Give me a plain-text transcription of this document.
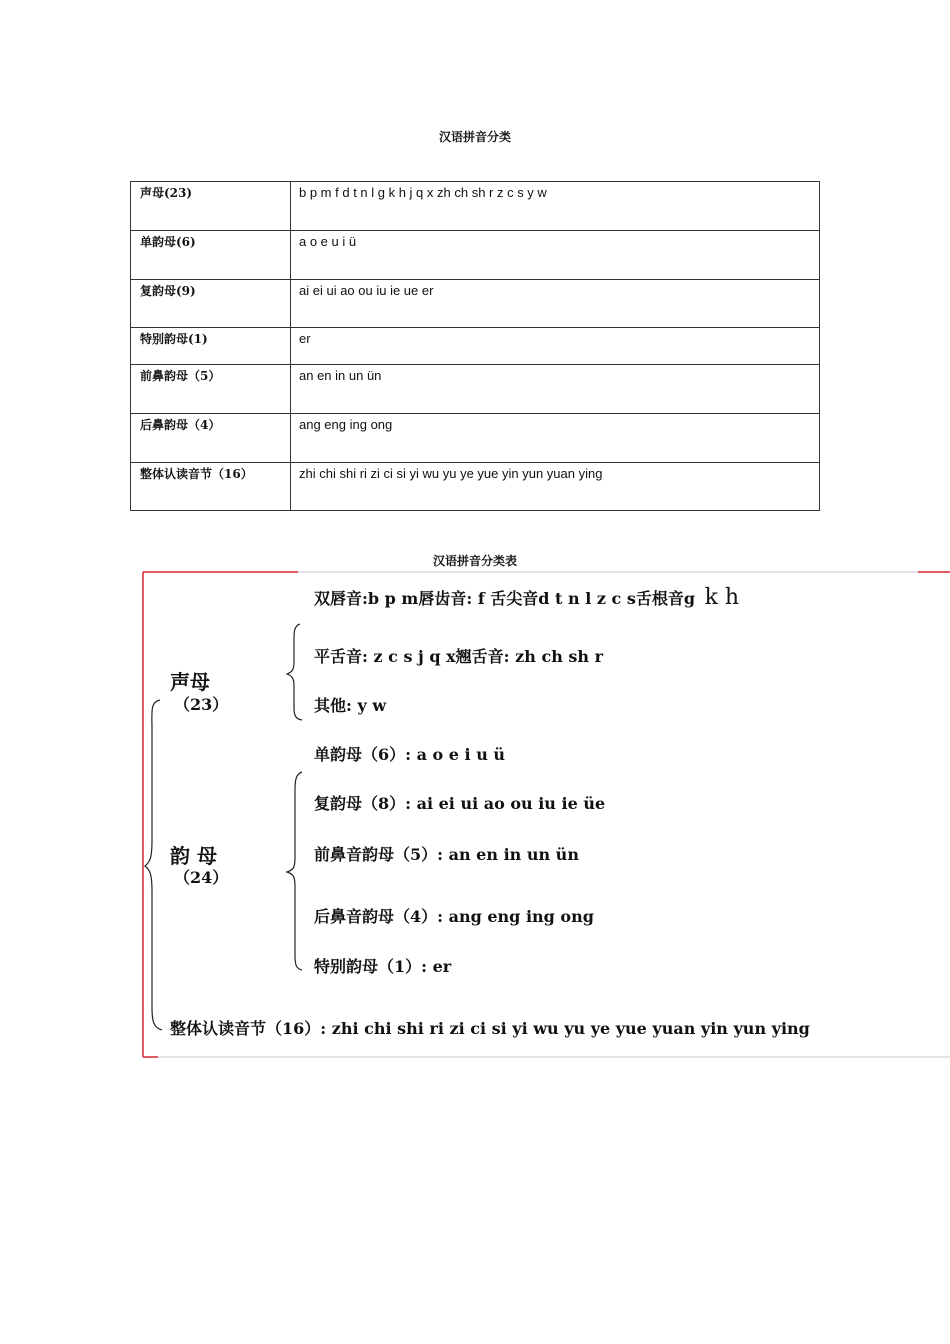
汉语拼音分类
声母(23)	b p m f d t n l g k h j q x zh ch sh r z c s y w
单韵母(6)	a o e u i ü
复韵母(9)	ai ei ui ao ou iu ie ue er
特别韵母(1)	er
前鼻韵母（5）	an en in un ün
后鼻韵母（4）	ang eng ing ong
整体认读音节（16）	zhi chi shi ri zi ci si yi wu yu ye yue yin yun yuan ying
汉语拼音分类表
声母
（23）
双唇音:b p m唇齿音: f 舌尖音d t n l z c s舌根音g k h
平舌音: z c s j q x翘舌音: zh ch sh r
其他: y w
韵 母
（24）
单韵母（6）: a o e i u ü
复韵母（8）: ai ei ui ao ou iu ie üe
前鼻音韵母（5）: an en in un ün
后鼻音韵母（4）: ang eng ing ong
特别韵母（1）: er
整体认读音节（16）: zhi chi shi ri zi ci si yi wu yu ye yue yuan yin yun ying
